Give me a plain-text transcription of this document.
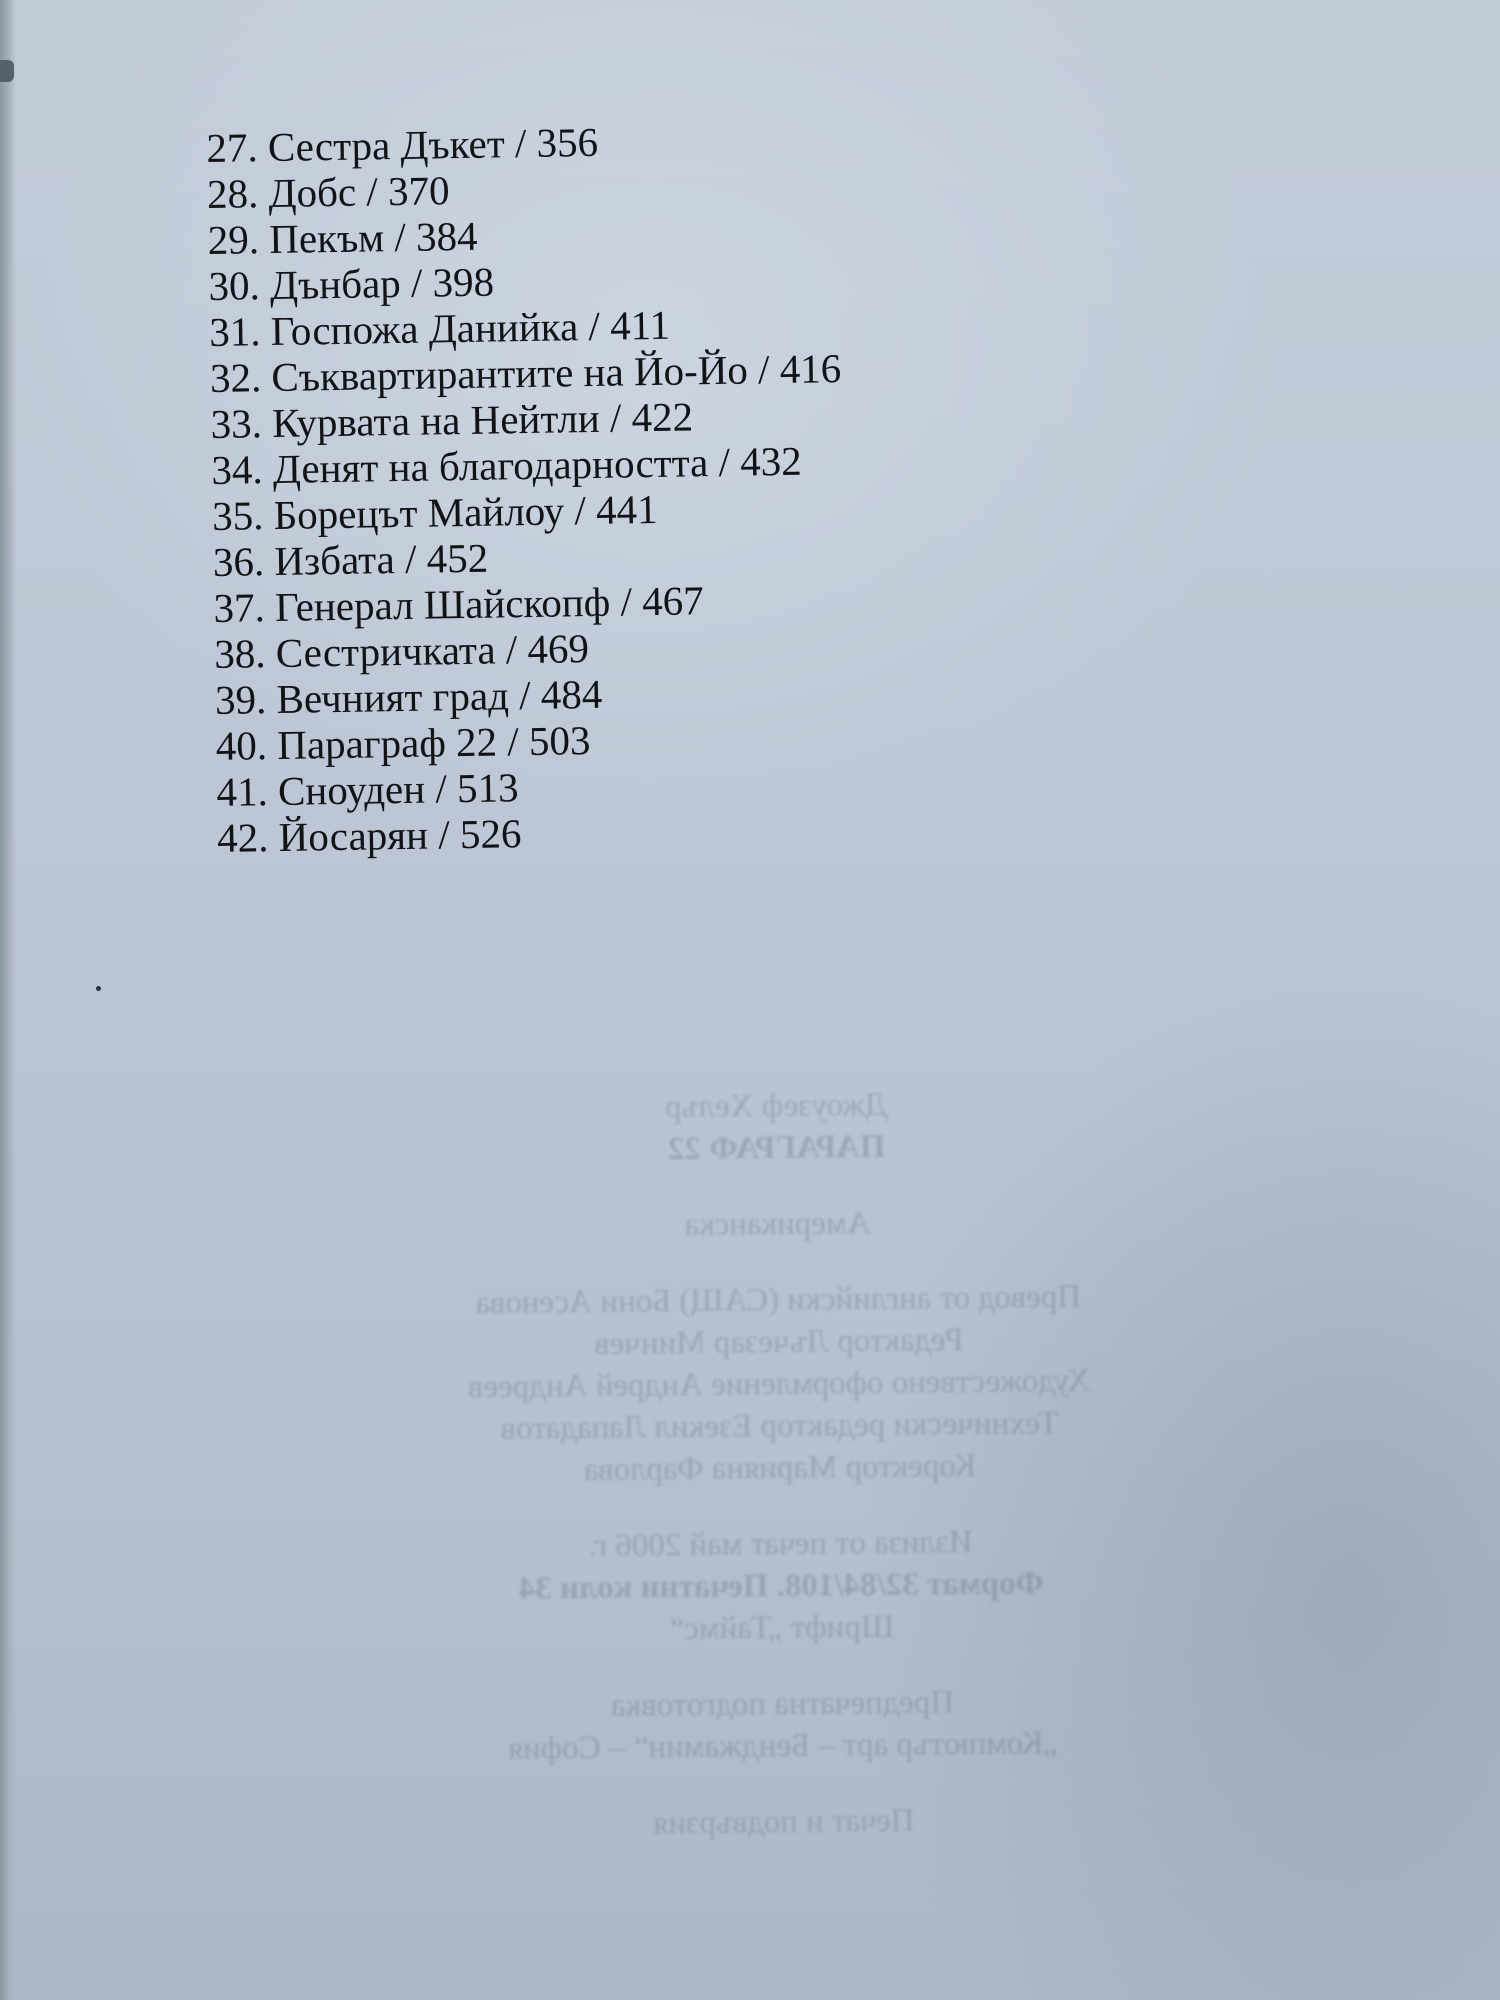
27. Сестра Дъкет / 356
28. Добс / 370
29. Пекъм / 384
30. Дънбар / 398
31. Госпожа Данийка / 411
32. Съквартирантите на Йо-Йо / 416
33. Курвата на Нейтли / 422
34. Денят на благодарността / 432
35. Борецът Майлоу / 441
36. Избата / 452
37. Генерал Шайскопф / 467
38. Сестричката / 469
39. Вечният град / 484
40. Параграф 22 / 503
41. Сноуден / 513
42. Йосарян / 526
Джоузеф Хелър
ПАРАГРАФ 22
Американска
Превод от английски (САЩ) Бони Асенова
Редактор Лъчезар Минчев
Художествено оформление Андрей Андреев
Технически редактор Езекил Лападатов
Коректор Марияна Фарлова
Излиза от печат май 2006 г.
Формат 32/84/108. Печатни коли 34
Шрифт „Таймс“
Предпечатна подготовка
„Компютър арт – Бенджамин“ – София
Печат и подвързия
